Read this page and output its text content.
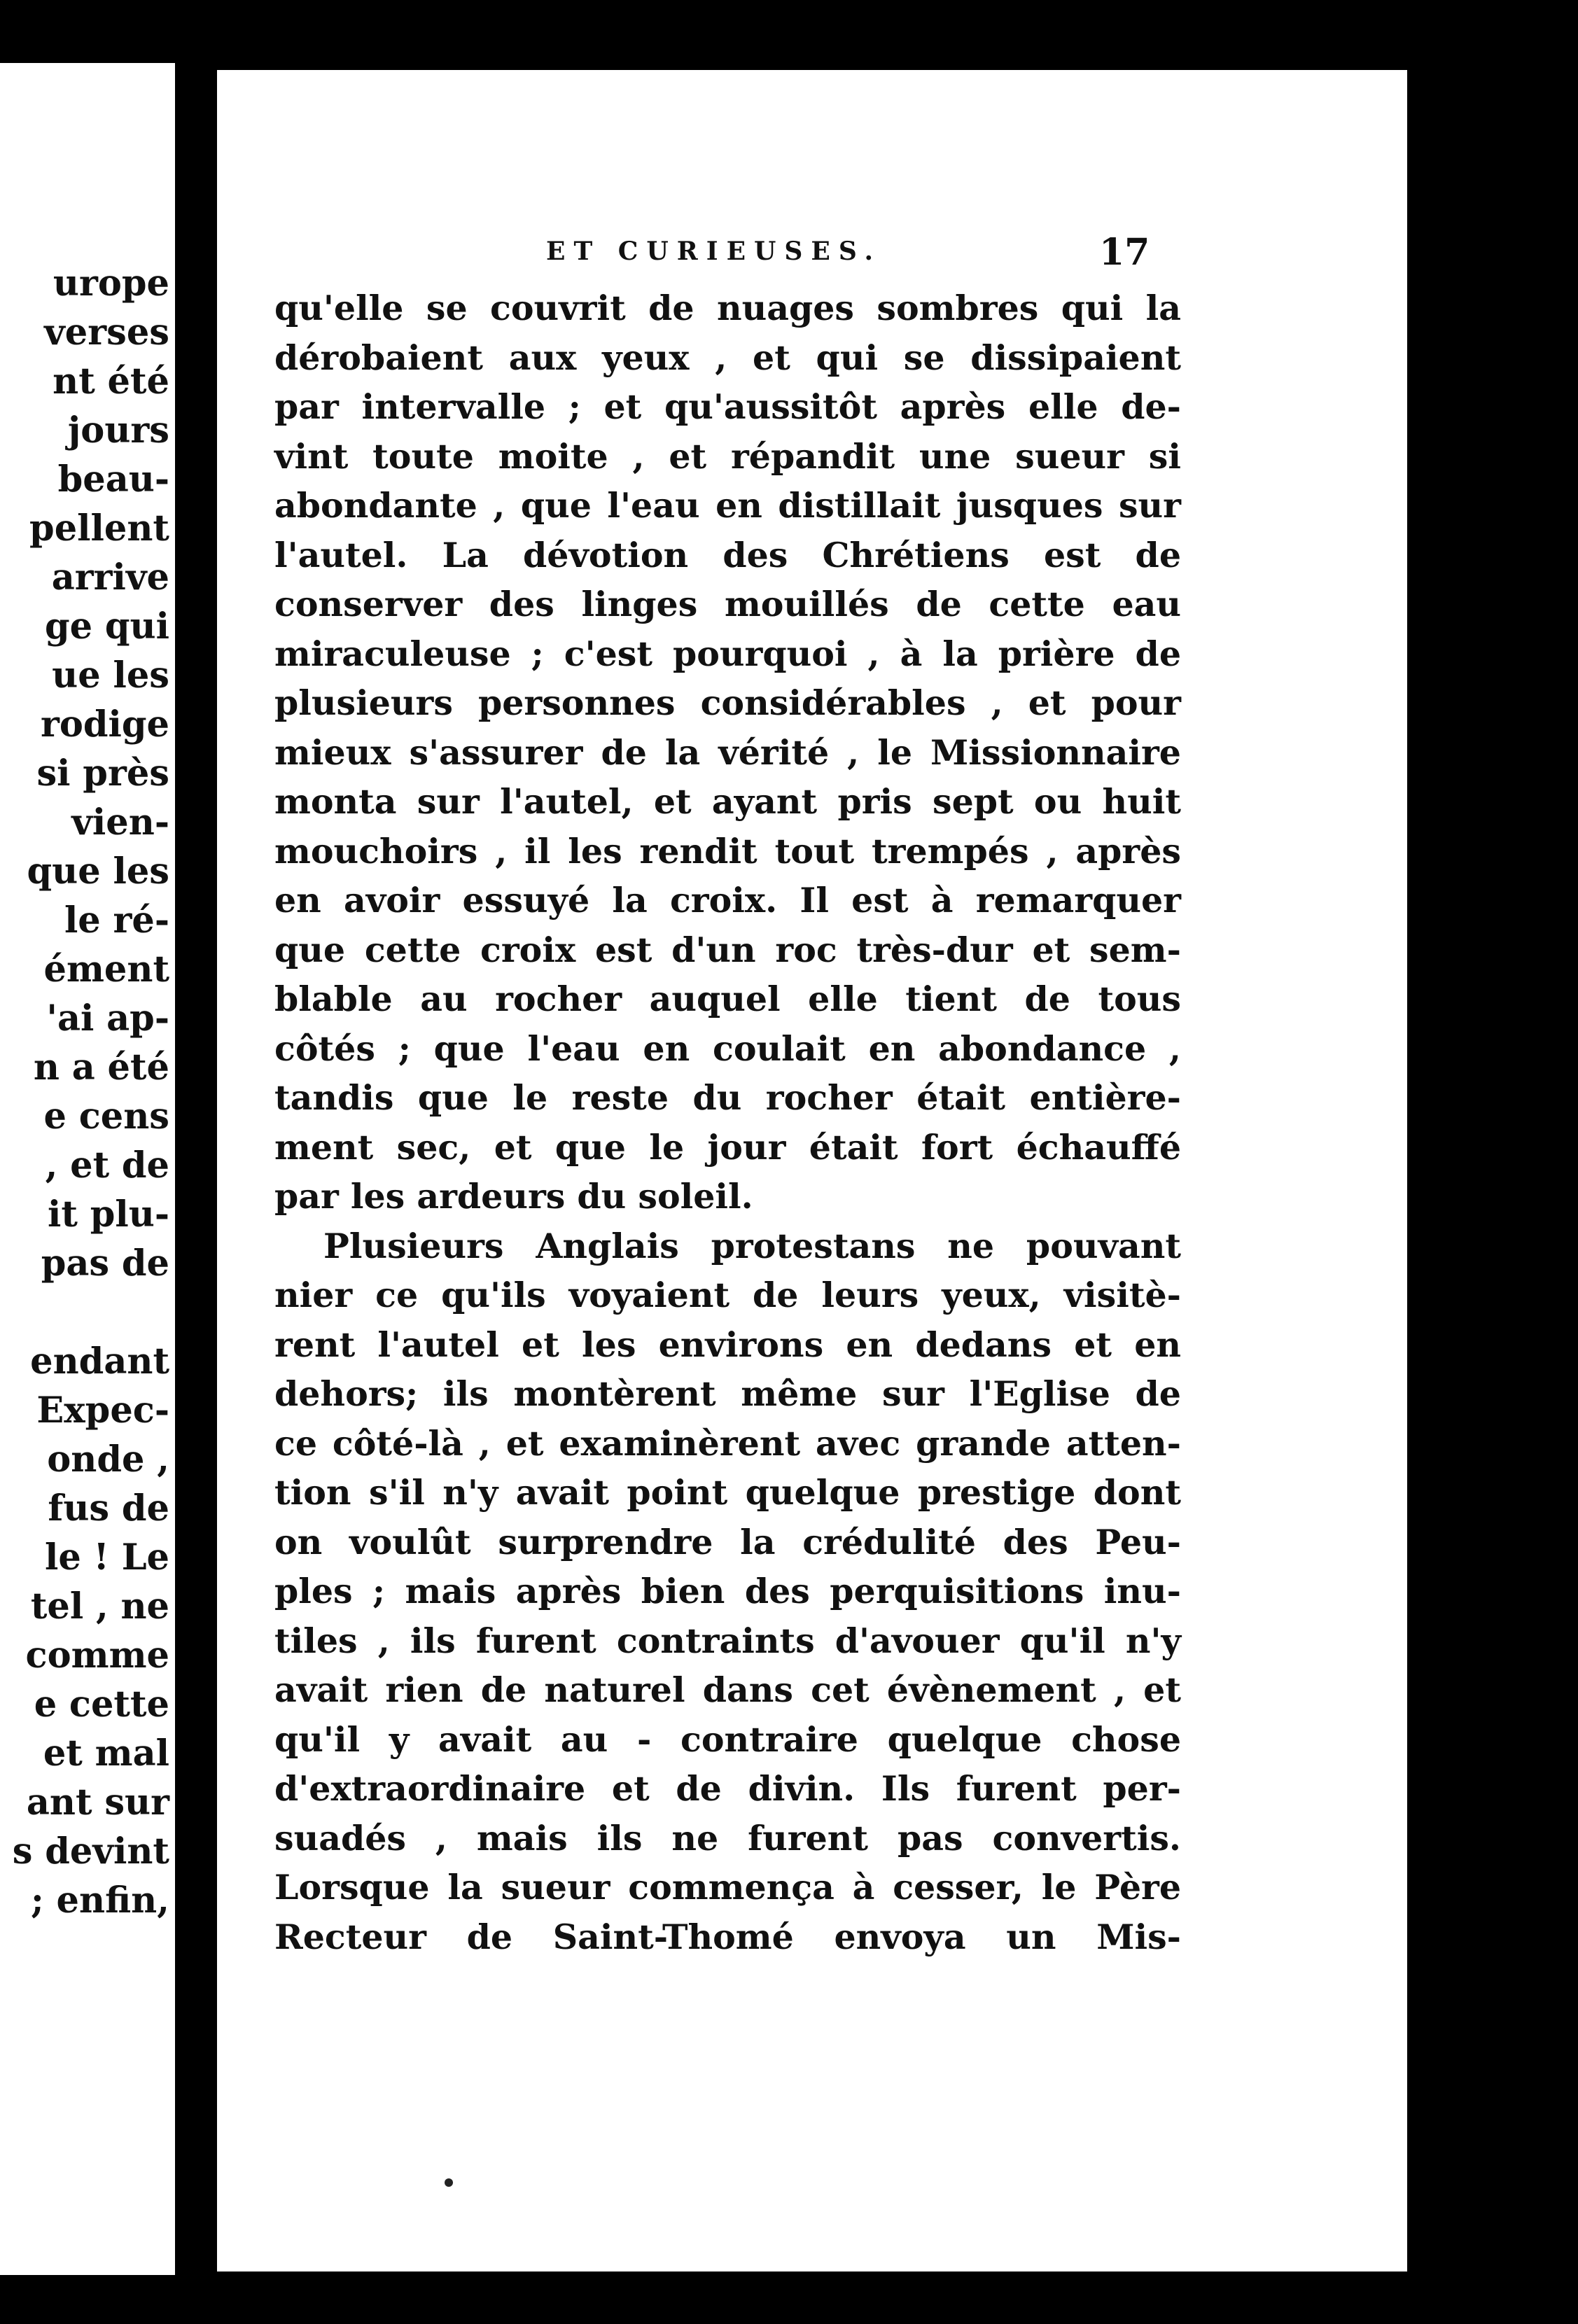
urope
verses
nt été
jours
beau-
pellent
arrive
ge qui
ue les
rodige
si près
vien-
que les
le ré-
ément
'ai ap-
n a été
e cens
, et de
it plu-
pas de
endant
Expec-
onde ,
fus de
le ! Le
tel , ne
comme
e cette
et mal
ant sur
s devint
; enfin,
ET CURIEUSES.	17
qu'elle se couvrit de nuages sombres qui la
dérobaient aux yeux , et qui se dissipaient
par intervalle ; et qu'aussitôt après elle de-
vint toute moite , et répandit une sueur si
abondante , que l'eau en distillait jusques sur
l'autel. La dévotion des Chrétiens est de
conserver des linges mouillés de cette eau
miraculeuse ; c'est pourquoi , à la prière de
plusieurs personnes considérables , et pour
mieux s'assurer de la vérité , le Missionnaire
monta sur l'autel, et ayant pris sept ou huit
mouchoirs , il les rendit tout trempés , après
en avoir essuyé la croix. Il est à remarquer
que cette croix est d'un roc très-dur et sem-
blable au rocher auquel elle tient de tous
côtés ; que l'eau en coulait en abondance ,
tandis que le reste du rocher était entière-
ment sec, et que le jour était fort échauffé
par les ardeurs du soleil.
Plusieurs Anglais protestans ne pouvant
nier ce qu'ils voyaient de leurs yeux, visitè-
rent l'autel et les environs en dedans et en
dehors; ils montèrent même sur l'Eglise de
ce côté-là , et examinèrent avec grande atten-
tion s'il n'y avait point quelque prestige dont
on voulût surprendre la crédulité des Peu-
ples ; mais après bien des perquisitions inu-
tiles , ils furent contraints d'avouer qu'il n'y
avait rien de naturel dans cet évènement , et
qu'il y avait au - contraire quelque chose
d'extraordinaire et de divin. Ils furent per-
suadés , mais ils ne furent pas convertis.
Lorsque la sueur commença à cesser, le Père
Recteur de Saint-Thomé envoya un Mis-
